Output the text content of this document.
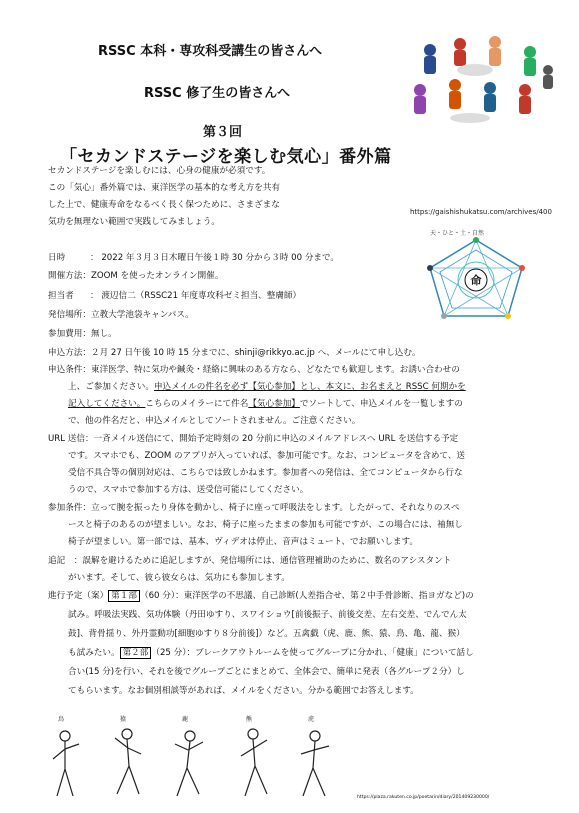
RSSC 本科・専攻科受講生の皆さんへ
RSSC 修了生の皆さんへ
第３回
「セカンドステージを楽しむ気心」番外篇
セカンドステージを楽しむには、心身の健康が必須です。
この「気心」番外篇では、東洋医学の基本的な考え方を共有
した上で、健康寿命をなるべく長く保つために、さまざまな
気功を無理ない範囲で実践してみましょう。
https://gaishishukatsu.com/archives/400
天・ひと・土・自然
命
日時	： 2022 年３月３日木曜日午後１時 30 分から３時 00 分まで。
開催方法：ZOOM を使ったオンライン開催。
担当者 ： 渡辺信二（RSSC21 年度専攻科ゼミ担当、整膚師）
発信場所：立教大学池袋キャンパス。
参加費用：無し。
申込方法：２月 27 日午後 10 時 15 分までに、shinji@rikkyo.ac.jp へ、メールにて申し込む。
申込条件：東洋医学、特に気功や鍼灸・経絡に興味のある方なら、どなたでも歓迎します。お誘い合わせの
上、ご参加ください。申込メイルの件名を必ず【気心参加】とし、本文に、お名まえと RSSC 何期かを
記入してください。こちらのメイラーにて件名【気心参加】でソートして、申込メイルを一覧しますの
で、他の件名だと、申込メイルとしてソートされません。ご注意ください。
URL 送信：一斉メイル送信にて、開始予定時刻の 20 分前に申込のメイルアドレスへ URL を送信する予定
です。スマホでも、ZOOM のアプリが入っていれば、参加可能です。なお、コンピュータを含めて、送
受信不具合等の個別対応は、こちらでは致しかねます。参加者への発信は、全てコンピュータから行な
うので、スマホで参加する方は、送受信可能にしてください。
参加条件：立って腕を振ったり身体を動かし、椅子に座って呼吸法をします。したがって、それなりのスペ
ースと椅子のあるのが望ましい。なお、椅子に座ったままの参加も可能ですが、この場合には、袖無し
椅子が望ましい。第一部では、基本、ヴィデオは停止、音声はミュート、でお願いします。
追記　：誤解を避けるために追記しますが、発信場所には、通信管理補助のために、数名のアシスタント
がいます。そして、彼ら彼女らは、気功にも参加します。
進行予定（案） 第１部 （60 分）：東洋医学の不思議、自己診断(人差指合せ、第２中手骨診断、指ヨガなど)の
試み。呼吸法実践、気功体験（丹田ゆすり、スワイショウ[前後振子、前後交差、左右交差、でんでん太
鼓]、背骨揺り、外丹霊動功[細胞ゆすり８分前後]）など。五禽戯（虎、鹿、熊、猿、鳥、亀、龍、猴）
も試みたい。 第２部 （25 分）：ブレークアウトルームを使ってグループに分かれ、「健康」について話し
合い(15 分)を行い、それを後でグループごとにまとめて、全体会で、簡単に発表（各グループ２分）し
てもらいます。なお個別相談等があれば、メイルをください。分かる範囲でお答えします。
鳥	猿	鹿	熊	虎
https://plaza.rakuten.co.jp/poetarin/diary/201409230000/
